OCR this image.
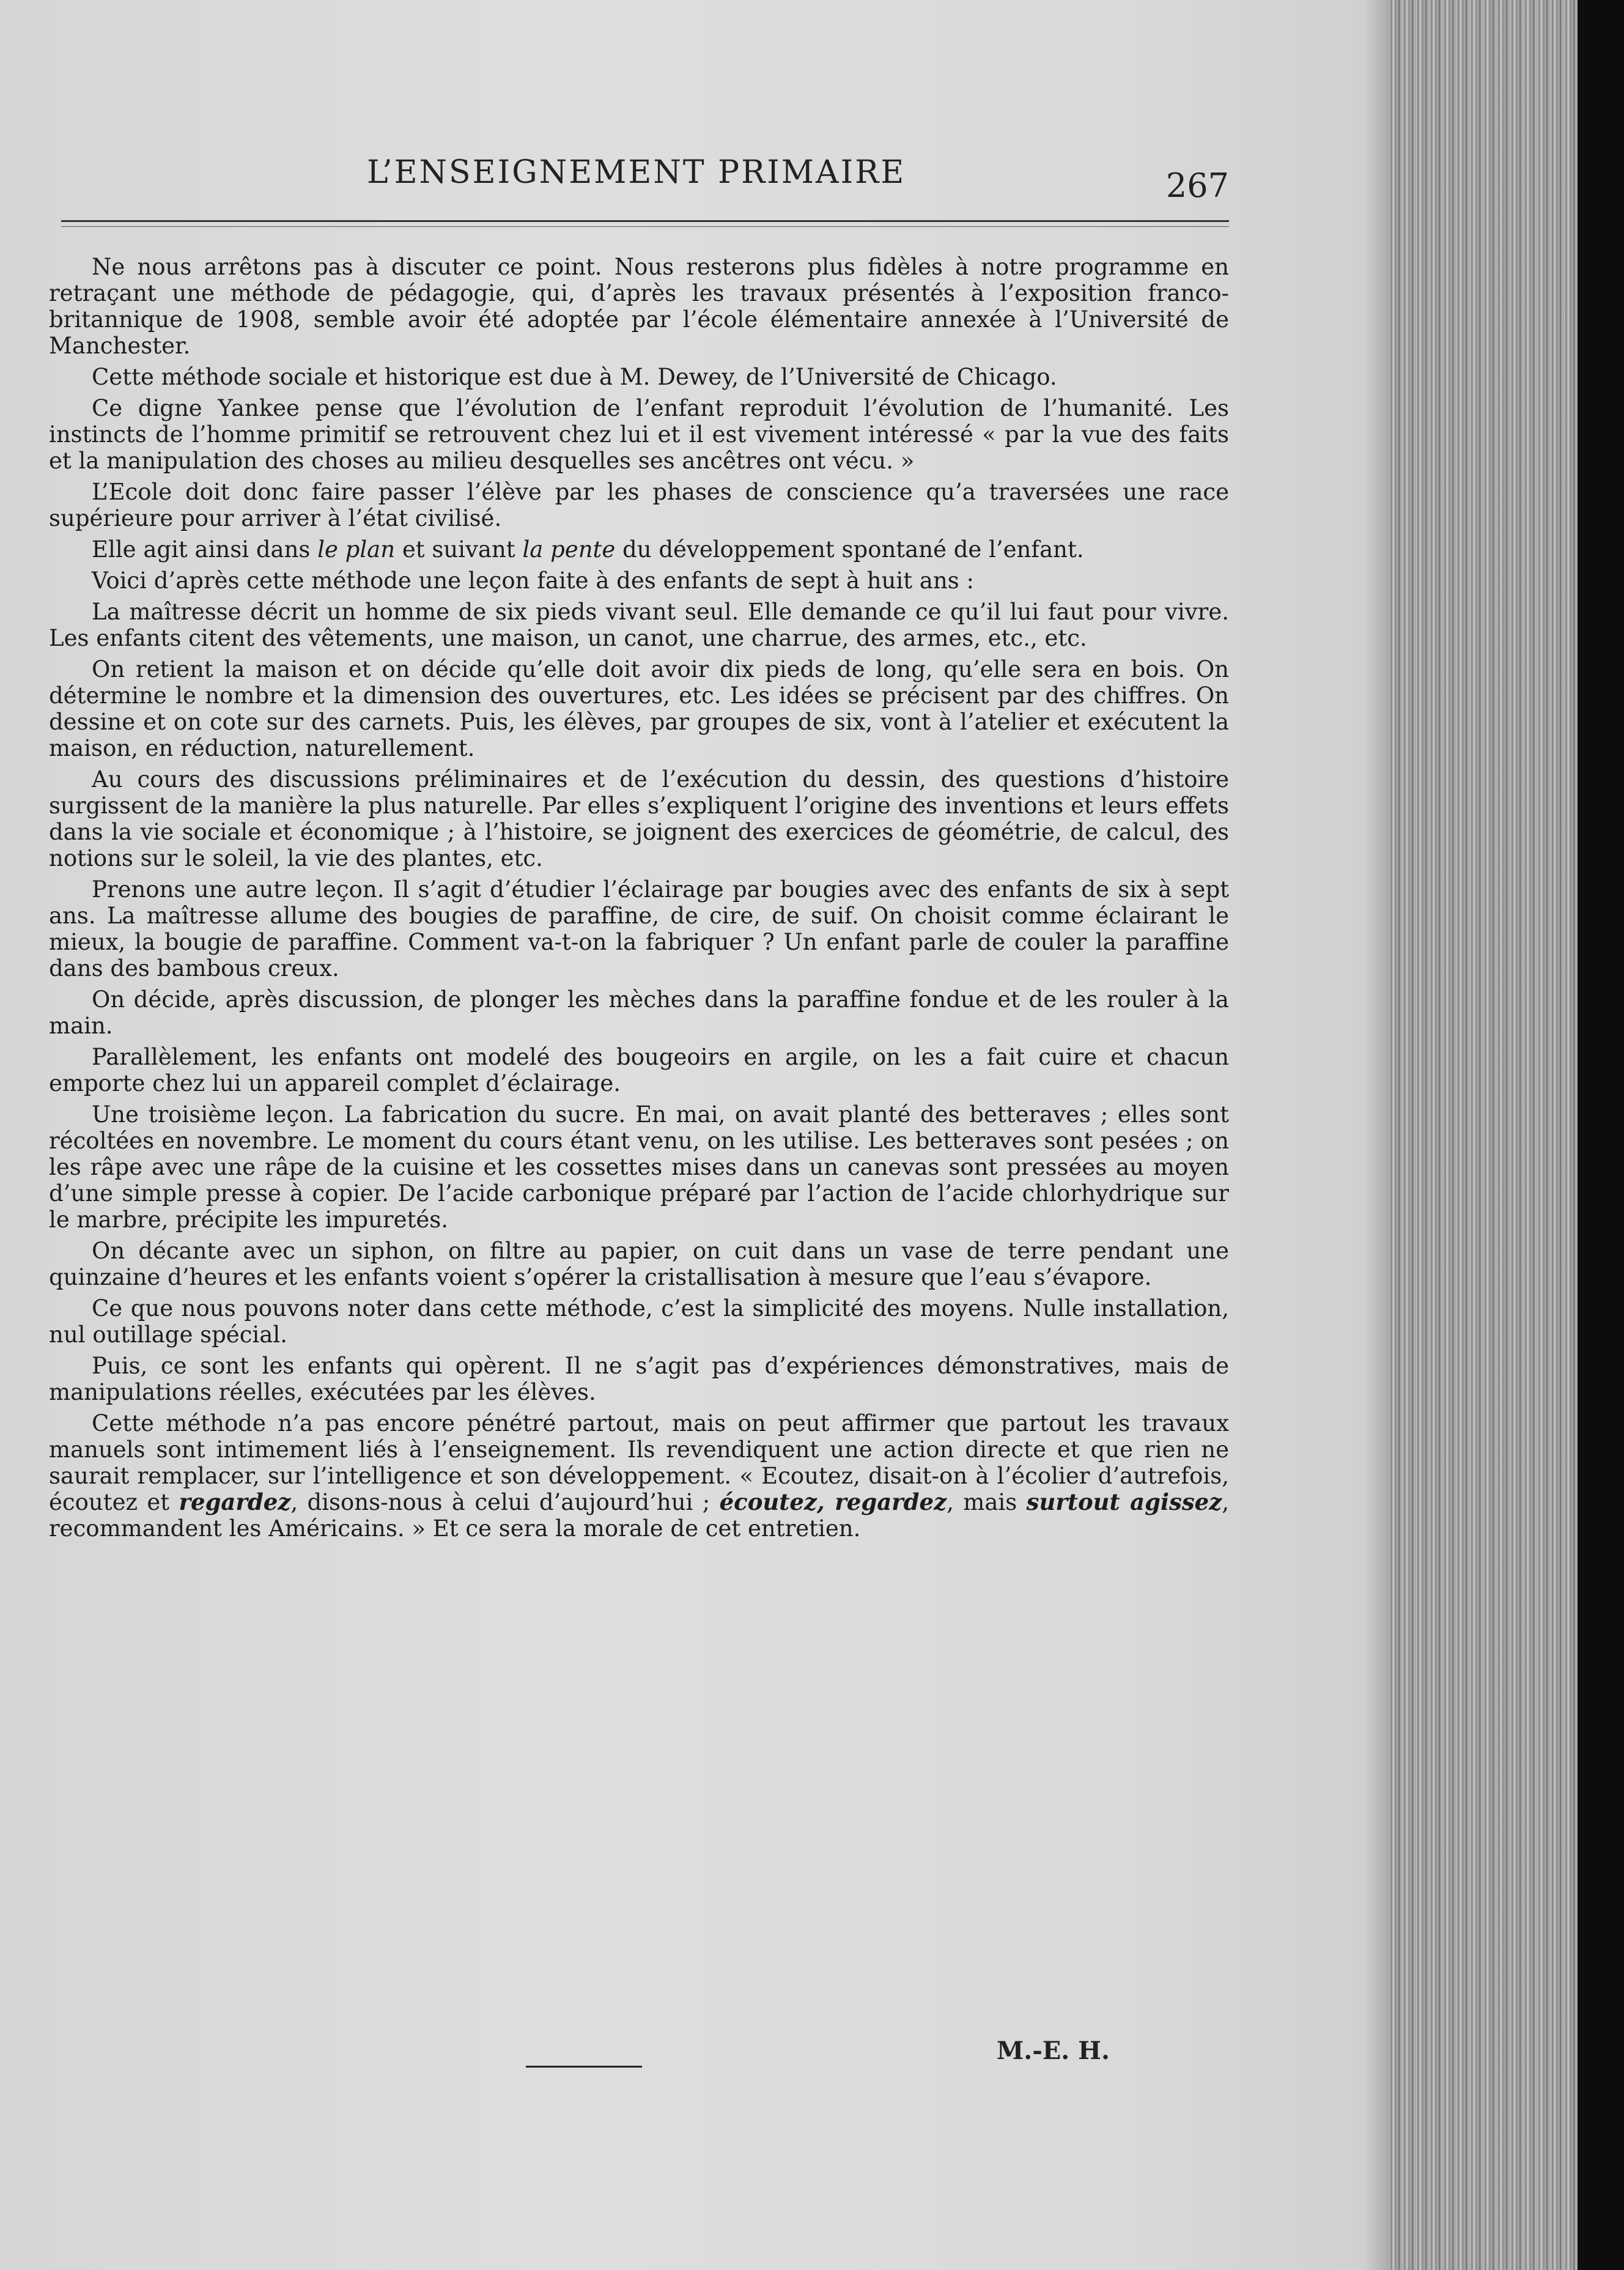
L’ENSEIGNEMENT PRIMAIRE	267

Ne nous arrêtons pas à discuter ce point. Nous resterons plus fidèles à notre programme en retraçant une méthode de pédagogie, qui, d’après les travaux présentés à l’exposition franco-britannique de 1908, semble avoir été adoptée par l’école élémentaire annexée à l’Université de Manchester.

Cette méthode sociale et historique est due à M. Dewey, de l’Université de Chicago.

Ce digne Yankee pense que l’évolution de l’enfant reproduit l’évolution de l’humanité. Les instincts de l’homme primitif se retrouvent chez lui et il est vivement intéressé « par la vue des faits et la manipulation des choses au milieu desquelles ses ancêtres ont vécu. »

L’Ecole doit donc faire passer l’élève par les phases de conscience qu’a traversées une race supérieure pour arriver à l’état civilisé.

Elle agit ainsi dans le plan et suivant la pente du développement spontané de l’enfant.

Voici d’après cette méthode une leçon faite à des enfants de sept à huit ans :

La maîtresse décrit un homme de six pieds vivant seul. Elle demande ce qu’il lui faut pour vivre. Les enfants citent des vêtements, une maison, un canot, une charrue, des armes, etc., etc.

On retient la maison et on décide qu’elle doit avoir dix pieds de long, qu’elle sera en bois. On détermine le nombre et la dimension des ouvertures, etc. Les idées se précisent par des chiffres. On dessine et on cote sur des carnets. Puis, les élèves, par groupes de six, vont à l’atelier et exécutent la maison, en réduction, naturellement.

Au cours des discussions préliminaires et de l’exécution du dessin, des questions d’histoire surgissent de la manière la plus naturelle. Par elles s’expliquent l’origine des inventions et leurs effets dans la vie sociale et économique ; à l’histoire, se joignent des exercices de géométrie, de calcul, des notions sur le soleil, la vie des plantes, etc.

Prenons une autre leçon. Il s’agit d’étudier l’éclairage par bougies avec des enfants de six à sept ans. La maîtresse allume des bougies de paraffine, de cire, de suif. On choisit comme éclairant le mieux, la bougie de paraffine. Comment va-t-on la fabriquer ? Un enfant parle de couler la paraffine dans des bambous creux.

On décide, après discussion, de plonger les mèches dans la paraffine fondue et de les rouler à la main.

Parallèlement, les enfants ont modelé des bougeoirs en argile, on les a fait cuire et chacun emporte chez lui un appareil complet d’éclairage.

Une troisième leçon. La fabrication du sucre. En mai, on avait planté des betteraves ; elles sont récoltées en novembre. Le moment du cours étant venu, on les utilise. Les betteraves sont pesées ; on les râpe avec une râpe de la cuisine et les cossettes mises dans un canevas sont pressées au moyen d’une simple presse à copier. De l’acide carbonique préparé par l’action de l’acide chlorhydrique sur le marbre, précipite les impuretés.

On décante avec un siphon, on filtre au papier, on cuit dans un vase de terre pendant une quinzaine d’heures et les enfants voient s’opérer la cristallisation à mesure que l’eau s’évapore.

Ce que nous pouvons noter dans cette méthode, c’est la simplicité des moyens. Nulle installation, nul outillage spécial.

Puis, ce sont les enfants qui opèrent. Il ne s’agit pas d’expériences démonstratives, mais de manipulations réelles, exécutées par les élèves.

Cette méthode n’a pas encore pénétré partout, mais on peut affirmer que partout les travaux manuels sont intimement liés à l’enseignement. Ils revendiquent une action directe et que rien ne saurait remplacer, sur l’intelligence et son développement. « Ecoutez, disait-on à l’écolier d’autrefois, écoutez et regardez, disons-nous à celui d’aujourd’hui ; écoutez, regardez, mais surtout agissez, recommandent les Américains. » Et ce sera la morale de cet entretien.

M.-E. H.
